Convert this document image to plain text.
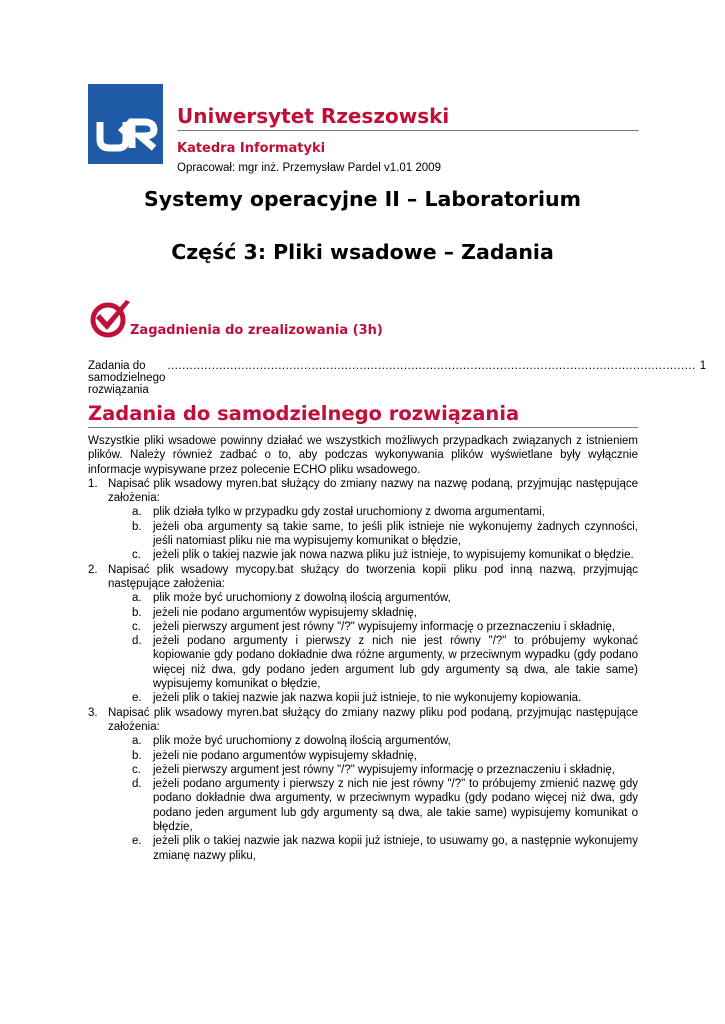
Uniwersytet Rzeszowski
Katedra Informatyki
Opracował: mgr inż. Przemysław Pardel v1.01 2009
Systemy operacyjne II – Laboratorium
Część 3: Pliki wsadowe – Zadania
Zagadnienia do zrealizowania (3h)
Zadania do samodzielnego rozwiązania
............................................................................................................................................... 1
Zadania do samodzielnego rozwiązania

Wszystkie pliki wsadowe powinny działać we wszystkich możliwych przypadkach związanych z istnieniem plików. Należy również zadbać o to, aby podczas wykonywania plików wyświetlane były wyłącznie informacje wypisywane przez polecenie ECHO pliku wsadowego.

1. Napisać plik wsadowy myren.bat służący do zmiany nazwy na nazwę podaną, przyjmując następujące założenia:
a. plik działa tylko w przypadku gdy został uruchomiony z dwoma argumentami,
b. jeżeli oba argumenty są takie same, to jeśli plik istnieje nie wykonujemy żadnych czynności, jeśli natomiast pliku nie ma wypisujemy komunikat o błędzie,
c. jeżeli plik o takiej nazwie jak nowa nazwa pliku już istnieje, to wypisujemy komunikat o błędzie.
2. Napisać plik wsadowy mycopy.bat służący do tworzenia kopii pliku pod inną nazwą, przyjmując następujące założenia:
a. plik może być uruchomiony z dowolną ilością argumentów,
b. jeżeli nie podano argumentów wypisujemy składnię,
c. jeżeli pierwszy argument jest równy "/?" wypisujemy informację o przeznaczeniu i składnię,
d. jeżeli podano argumenty i pierwszy z nich nie jest równy "/?" to próbujemy wykonać kopiowanie gdy podano dokładnie dwa różne argumenty, w przeciwnym wypadku (gdy podano więcej niż dwa, gdy podano jeden argument lub gdy argumenty są dwa, ale takie same) wypisujemy komunikat o błędzie,
e. jeżeli plik o takiej nazwie jak nazwa kopii już istnieje, to nie wykonujemy kopiowania.
3. Napisać plik wsadowy myren.bat służący do zmiany nazwy pliku pod podaną, przyjmując następujące założenia:
a. plik może być uruchomiony z dowolną ilością argumentów,
b. jeżeli nie podano argumentów wypisujemy składnię,
c. jeżeli pierwszy argument jest równy "/?" wypisujemy informację o przeznaczeniu i składnię,
d. jeżeli podano argumenty i pierwszy z nich nie jest równy "/?" to próbujemy zmienić nazwę gdy podano dokładnie dwa argumenty, w przeciwnym wypadku (gdy podano więcej niż dwa, gdy podano jeden argument lub gdy argumenty są dwa, ale takie same) wypisujemy komunikat o błędzie,
e. jeżeli plik o takiej nazwie jak nazwa kopii już istnieje, to usuwamy go, a następnie wykonujemy zmianę nazwy pliku,
